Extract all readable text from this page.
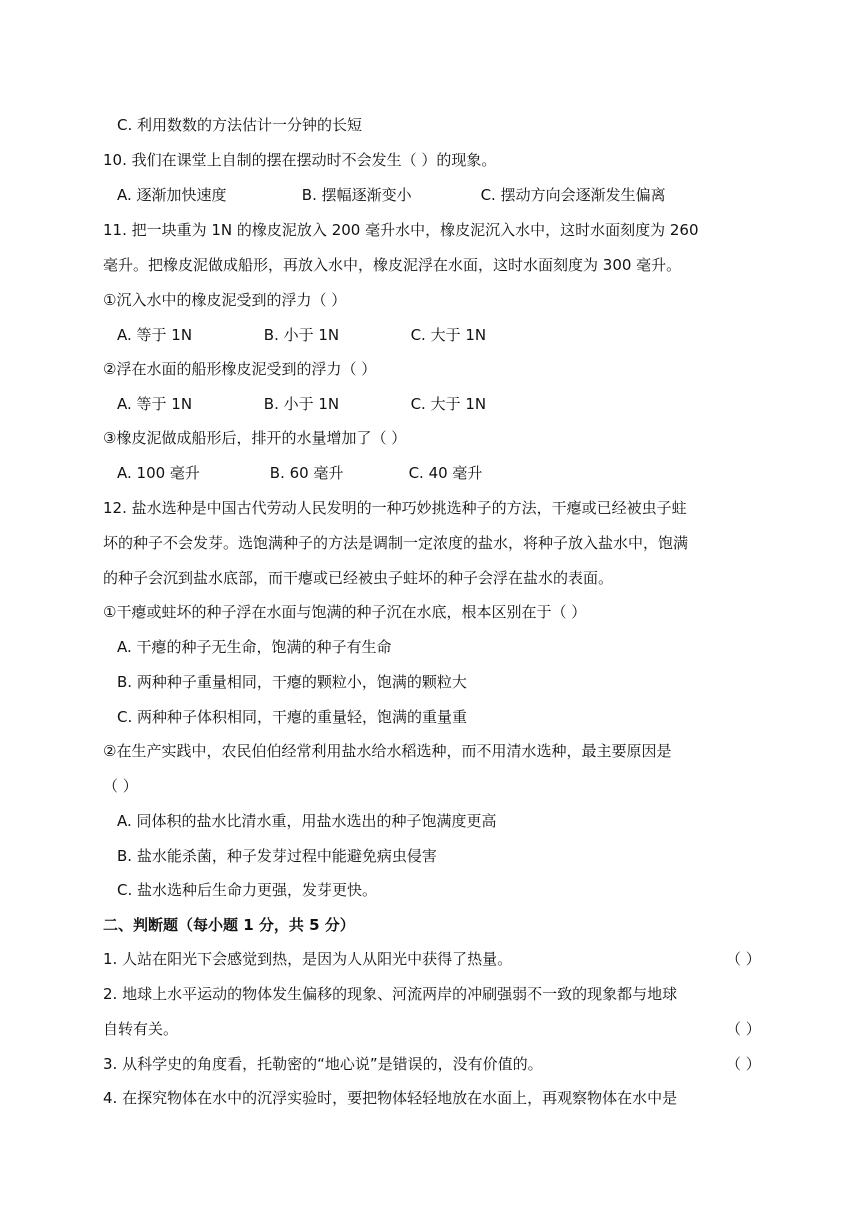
C. 利用数数的方法估计一分钟的长短
10. 我们在课堂上自制的摆在摆动时不会发生（ ）的现象。
A. 逐渐加快速度	B. 摆幅逐渐变小	C. 摆动方向会逐渐发生偏离
11. 把一块重为 1N 的橡皮泥放入 200 毫升水中，橡皮泥沉入水中，这时水面刻度为 260
毫升。把橡皮泥做成船形，再放入水中，橡皮泥浮在水面，这时水面刻度为 300 毫升。
①沉入水中的橡皮泥受到的浮力（ ）
A. 等于 1N	B. 小于 1N	C. 大于 1N
②浮在水面的船形橡皮泥受到的浮力（ ）
A. 等于 1N	B. 小于 1N	C. 大于 1N
③橡皮泥做成船形后，排开的水量增加了（ ）
A. 100 毫升	B. 60 毫升	C. 40 毫升
12. 盐水选种是中国古代劳动人民发明的一种巧妙挑选种子的方法，干瘪或已经被虫子蛀
坏的种子不会发芽。选饱满种子的方法是调制一定浓度的盐水，将种子放入盐水中，饱满
的种子会沉到盐水底部，而干瘪或已经被虫子蛀坏的种子会浮在盐水的表面。
①干瘪或蛀坏的种子浮在水面与饱满的种子沉在水底，根本区别在于（ ）
A. 干瘪的种子无生命，饱满的种子有生命
B. 两种种子重量相同，干瘪的颗粒小，饱满的颗粒大
C. 两种种子体积相同，干瘪的重量轻，饱满的重量重
②在生产实践中，农民伯伯经常利用盐水给水稻选种，而不用清水选种，最主要原因是
（ ）
A. 同体积的盐水比清水重，用盐水选出的种子饱满度更高
B. 盐水能杀菌，种子发芽过程中能避免病虫侵害
C. 盐水选种后生命力更强，发芽更快。
二、判断题（每小题 1 分，共 5 分）
1. 人站在阳光下会感觉到热，是因为人从阳光中获得了热量。	（ ）
2. 地球上水平运动的物体发生偏移的现象、河流两岸的冲刷强弱不一致的现象都与地球
自转有关。	（ ）
3. 从科学史的角度看，托勒密的“地心说”是错误的，没有价值的。	（ ）
4. 在探究物体在水中的沉浮实验时，要把物体轻轻地放在水面上，再观察物体在水中是
